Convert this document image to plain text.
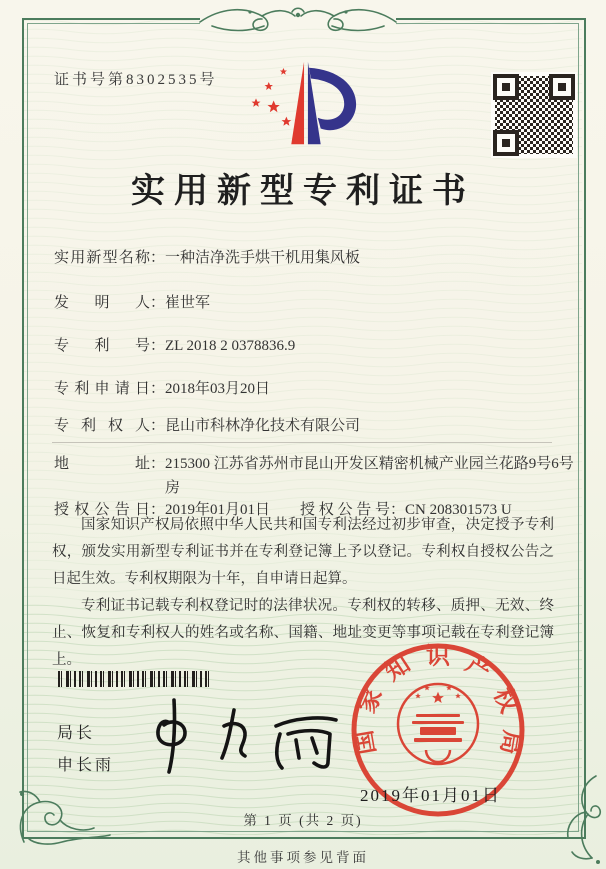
证书号第8302535号
实用新型专利证书
实用新型名称：一种洁净洗手烘干机用集风板
发明人：崔世军
专利号：ZL 2018 2 0378836.9
专利申请日：2018年03月20日
专利权人：昆山市科林净化技术有限公司
地址：215300 江苏省苏州市昆山开发区精密机械产业园兰花路9号6号房
授权公告日：2019年01月01日 授权公告号：CN 208301573 U

国家知识产权局依照中华人民共和国专利法经过初步审查，决定授予专利权，颁发实用新型专利证书并在专利登记簿上予以登记。专利权自授权公告之日起生效。专利权期限为十年，自申请日起算。

专利证书记载专利权登记时的法律状况。专利权的转移、质押、无效、终止、恢复和专利权人的姓名或名称、国籍、地址变更等事项记载在专利登记簿上。

局长
申长雨
国家知识产权局
2019年01月01日
第 1 页 (共 2 页)
其他事项参见背面
